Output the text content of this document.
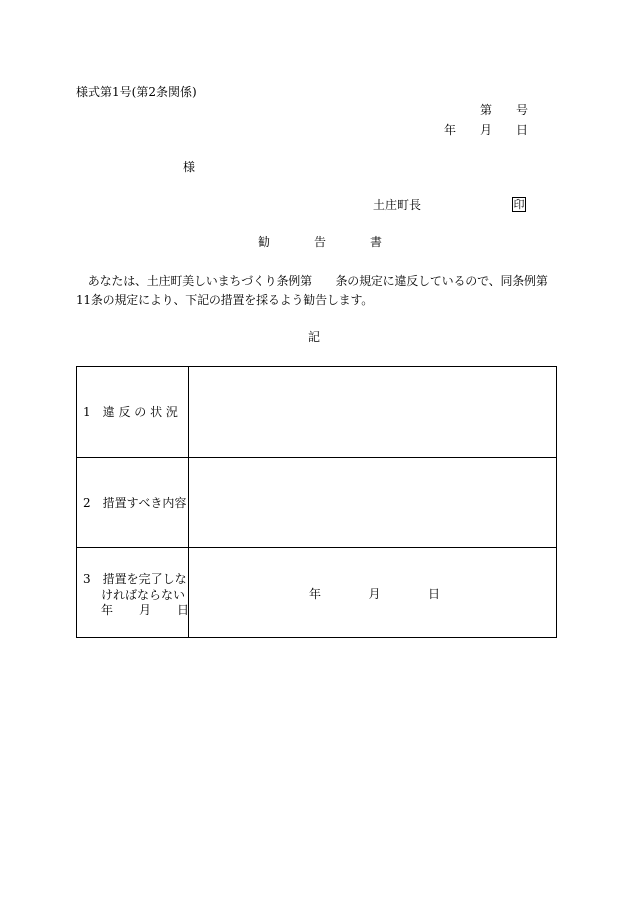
様式第1号(第2条関係)
第　　号
年　　月　　日
様
土庄町長	印
勧　　告　　書
　あなたは、土庄町美しいまちづくり条例第　　条の規定に違反しているので、同条例第
11条の規定により、下記の措置を採るよう勧告します。
記
1　違 反 の 状 況
2　措置すべき内容
3　措置を完了しな
ければならない
年　　月　　日
年　　　　月　　　　日
